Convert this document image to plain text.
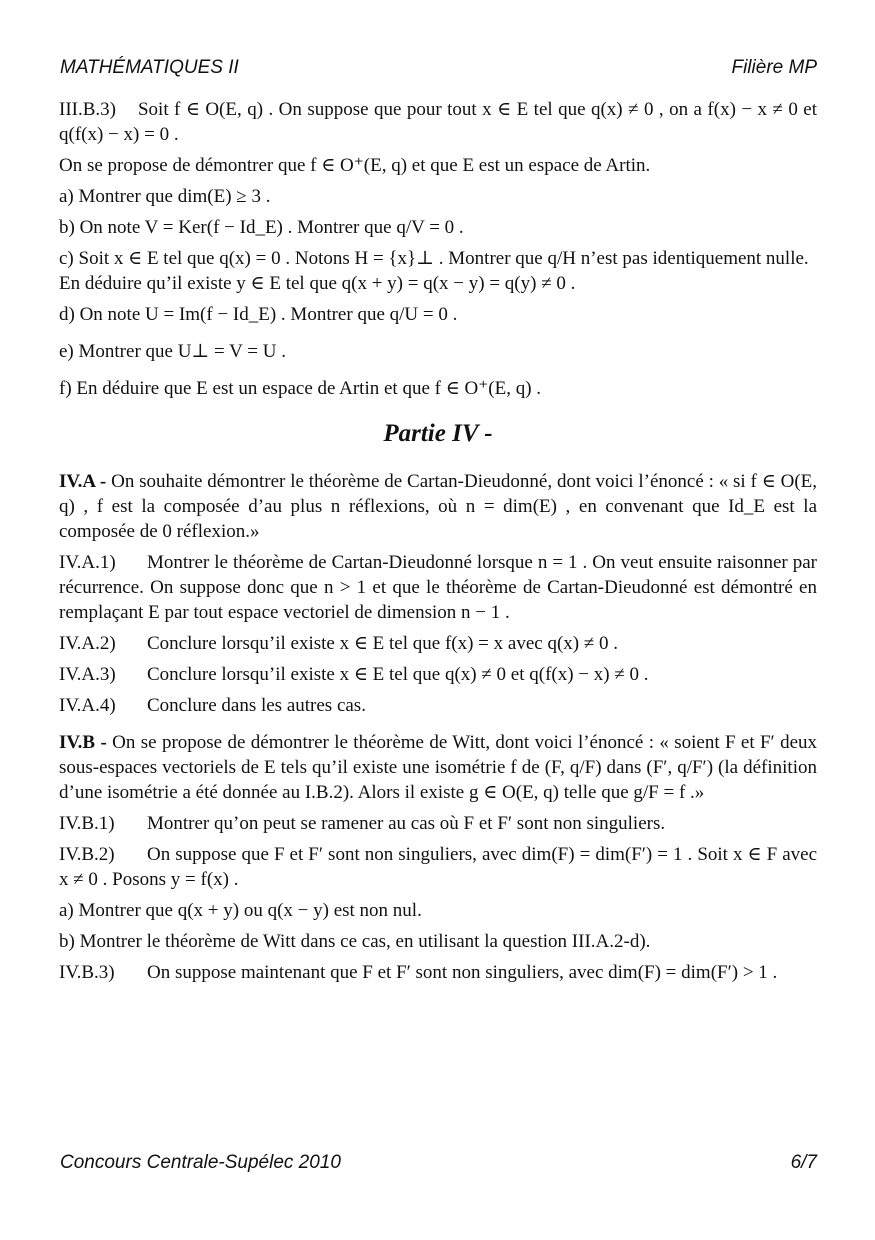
MATHÉMATIQUES II	Filière MP

III.B.3) Soit f ∈ O(E, q) . On suppose que pour tout x ∈ E tel que q(x) ≠ 0 , on a f(x) − x ≠ 0 et q(f(x) − x) = 0 .

On se propose de démontrer que f ∈ O⁺(E, q) et que E est un espace de Artin.

a) Montrer que dim(E) ≥ 3 .

b) On note V = Ker(f − Id_E) . Montrer que q/V = 0 .

c) Soit x ∈ E tel que q(x) = 0 . Notons H = {x}⊥ . Montrer que q/H n’est pas identiquement nulle.

En déduire qu’il existe y ∈ E tel que q(x + y) = q(x − y) = q(y) ≠ 0 .

d) On note U = Im(f − Id_E) . Montrer que q/U = 0 .

e) Montrer que U⊥ = V = U .

f) En déduire que E est un espace de Artin et que f ∈ O⁺(E, q) .

Partie IV -

IV.A - On souhaite démontrer le théorème de Cartan-Dieudonné, dont voici l’énoncé : « si f ∈ O(E, q) , f est la composée d’au plus n réflexions, où n = dim(E) , en convenant que Id_E est la composée de 0 réflexion.»

IV.A.1) Montrer le théorème de Cartan-Dieudonné lorsque n = 1 . On veut ensuite raisonner par récurrence. On suppose donc que n > 1 et que le théorème de Cartan-Dieudonné est démontré en remplaçant E par tout espace vectoriel de dimension n − 1 .

IV.A.2) Conclure lorsqu’il existe x ∈ E tel que f(x) = x avec q(x) ≠ 0 .

IV.A.3) Conclure lorsqu’il existe x ∈ E tel que q(x) ≠ 0 et q(f(x) − x) ≠ 0 .

IV.A.4) Conclure dans les autres cas.

IV.B - On se propose de démontrer le théorème de Witt, dont voici l’énoncé : « soient F et F′ deux sous-espaces vectoriels de E tels qu’il existe une isométrie f de (F, q/F) dans (F′, q/F′) (la définition d’une isométrie a été donnée au I.B.2). Alors il existe g ∈ O(E, q) telle que g/F = f .»

IV.B.1) Montrer qu’on peut se ramener au cas où F et F′ sont non singuliers.

IV.B.2) On suppose que F et F′ sont non singuliers, avec dim(F) = dim(F′) = 1 . Soit x ∈ F avec x ≠ 0 . Posons y = f(x) .

a) Montrer que q(x + y) ou q(x − y) est non nul.

b) Montrer le théorème de Witt dans ce cas, en utilisant la question III.A.2-d).

IV.B.3) On suppose maintenant que F et F′ sont non singuliers, avec dim(F) = dim(F′) > 1 .

Concours Centrale-Supélec 2010	6/7
